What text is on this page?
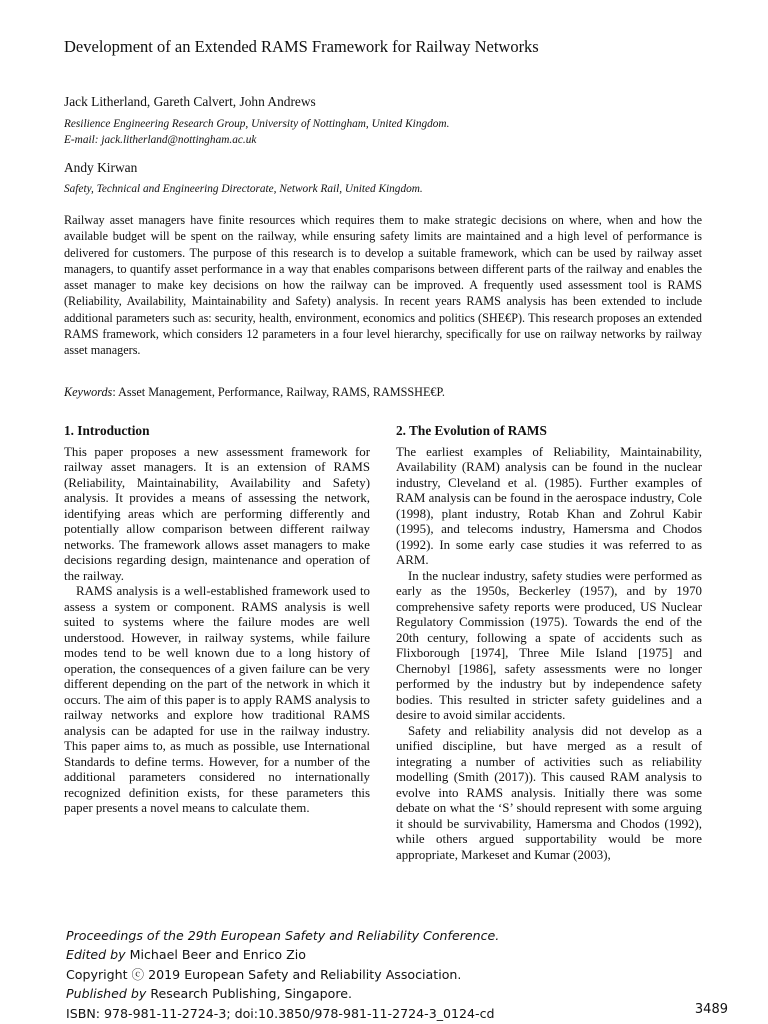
Development of an Extended RAMS Framework for Railway Networks
Jack Litherland, Gareth Calvert, John Andrews
Resilience Engineering Research Group, University of Nottingham, United Kingdom.
E-mail: jack.litherland@nottingham.ac.uk
Andy Kirwan
Safety, Technical and Engineering Directorate, Network Rail, United Kingdom.
Railway asset managers have finite resources which requires them to make strategic decisions on where, when and how the available budget will be spent on the railway, while ensuring safety limits are maintained and a high level of performance is delivered for customers. The purpose of this research is to develop a suitable framework, which can be used by railway asset managers, to quantify asset performance in a way that enables comparisons between different parts of the railway and enables the asset manager to make key decisions on how the railway can be improved. A frequently used assessment tool is RAMS (Reliability, Availability, Maintainability and Safety) analysis. In recent years RAMS analysis has been extended to include additional parameters such as: security, health, environment, economics and politics (SHE€P). This research proposes an extended RAMS framework, which considers 12 parameters in a four level hierarchy, specifically for use on railway networks by railway asset managers.
Keywords: Asset Management, Performance, Railway, RAMS, RAMSSHE€P.
1. Introduction

This paper proposes a new assessment framework for railway asset managers. It is an extension of RAMS (Reliability, Maintainability, Availability and Safety) analysis. It provides a means of assessing the network, identifying areas which are performing differently and potentially allow comparison between different railway networks. The framework allows asset managers to make decisions regarding design, maintenance and operation of the railway.

RAMS analysis is a well-established framework used to assess a system or component. RAMS analysis is well suited to systems where the failure modes are well understood. However, in railway systems, while failure modes tend to be well known due to a long history of operation, the consequences of a given failure can be very different depending on the part of the network in which it occurs. The aim of this paper is to apply RAMS analysis to railway networks and explore how traditional RAMS analysis can be adapted for use in the railway industry. This paper aims to, as much as possible, use International Standards to define terms. However, for a number of the additional parameters considered no internationally recognized definition exists, for these parameters this paper presents a novel means to calculate them.

2. The Evolution of RAMS

The earliest examples of Reliability, Maintainability, Availability (RAM) analysis can be found in the nuclear industry, Cleveland et al. (1985). Further examples of RAM analysis can be found in the aerospace industry, Cole (1998), plant industry, Rotab Khan and Zohrul Kabir (1995), and telecoms industry, Hamersma and Chodos (1992). In some early case studies it was referred to as ARM.

In the nuclear industry, safety studies were performed as early as the 1950s, Beckerley (1957), and by 1970 comprehensive safety reports were produced, US Nuclear Regulatory Commission (1975). Towards the end of the 20th century, following a spate of accidents such as Flixborough [1974], Three Mile Island [1975] and Chernobyl [1986], safety assessments were no longer performed by the industry but by independence safety bodies. This resulted in stricter safety guidelines and a desire to avoid similar accidents.

Safety and reliability analysis did not develop as a unified discipline, but have merged as a result of integrating a number of activities such as reliability modelling (Smith (2017)). This caused RAM analysis to evolve into RAMS analysis. Initially there was some debate on what the ‘S’ should represent with some arguing it should be survivability, Hamersma and Chodos (1992), while others argued supportability would be more appropriate, Markeset and Kumar (2003),

Proceedings of the 29th European Safety and Reliability Conference.
Edited by Michael Beer and Enrico Zio
Copyright ⓒ 2019 European Safety and Reliability Association.
Published by Research Publishing, Singapore.
ISBN: 978-981-11-2724-3; doi:10.3850/978-981-11-2724-3_0124-cd	3489
